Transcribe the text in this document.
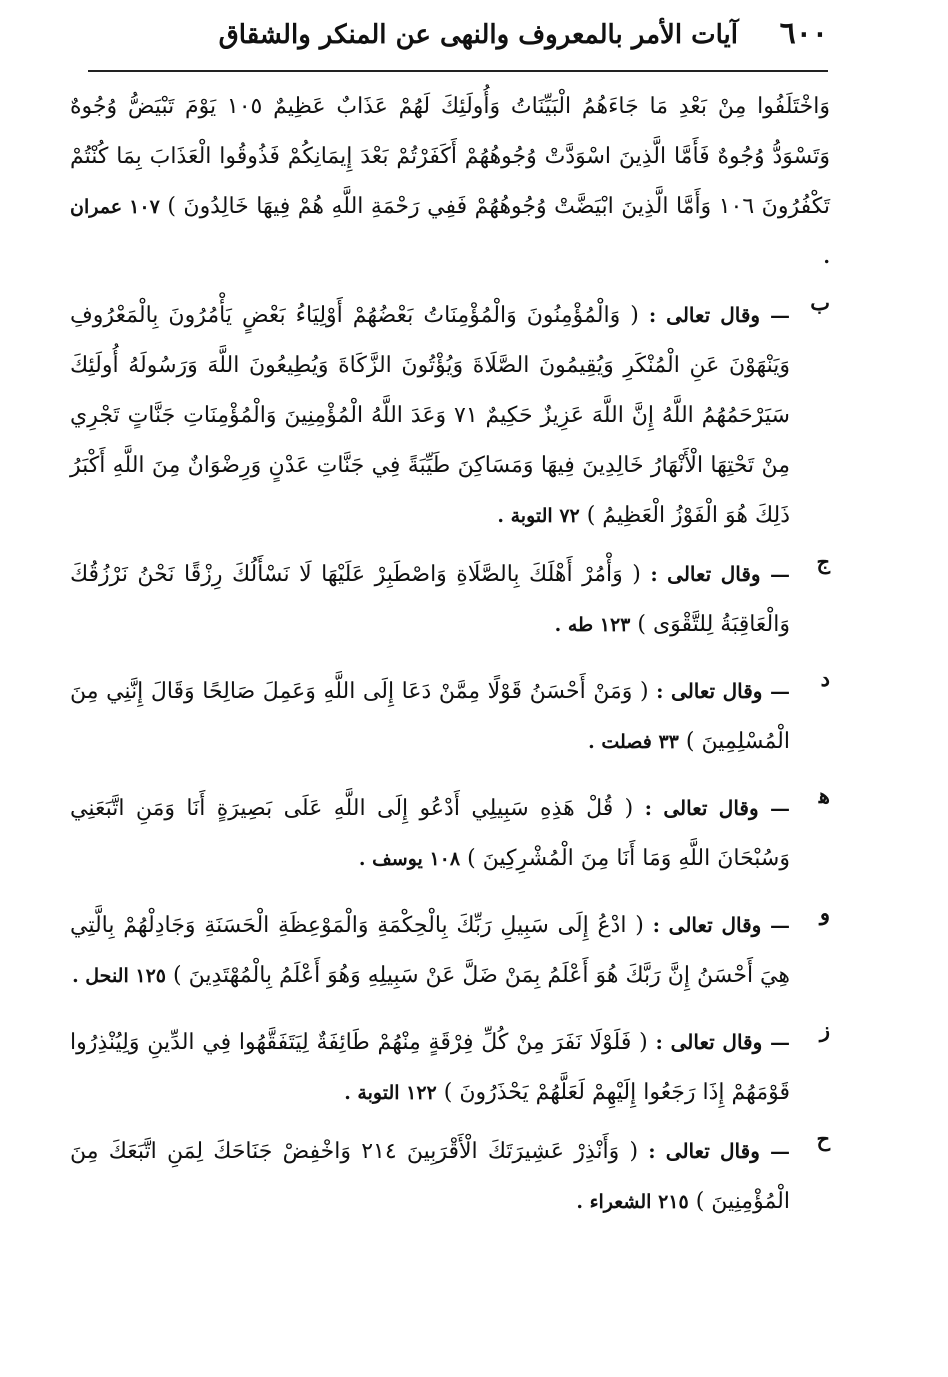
٦٠٠
آيات الأمر بالمعروف والنهى عن المنكر والشقاق
وَاخْتَلَفُوا مِنْ بَعْدِ مَا جَاءَهُمُ الْبَيِّنَاتُ وَأُولَئِكَ لَهُمْ عَذَابٌ عَظِيمٌ ١٠٥ يَوْمَ تَبْيَضُّ وُجُوهٌ وَتَسْوَدُّ وُجُوهٌ فَأَمَّا الَّذِينَ اسْوَدَّتْ وُجُوهُهُمْ أَكَفَرْتُمْ بَعْدَ إِيمَانِكُمْ فَذُوقُوا الْعَذَابَ بِمَا كُنْتُمْ تَكْفُرُونَ ١٠٦ وَأَمَّا الَّذِينَ ابْيَضَّتْ وُجُوهُهُمْ فَفِي رَحْمَةِ اللَّهِ هُمْ فِيهَا خَالِدُونَ ) ١٠٧ عمران .
ب
— وقال تعالى : ( وَالْمُؤْمِنُونَ وَالْمُؤْمِنَاتُ بَعْضُهُمْ أَوْلِيَاءُ بَعْضٍ يَأْمُرُونَ بِالْمَعْرُوفِ وَيَنْهَوْنَ عَنِ الْمُنْكَرِ وَيُقِيمُونَ الصَّلَاةَ وَيُؤْتُونَ الزَّكَاةَ وَيُطِيعُونَ اللَّهَ وَرَسُولَهُ أُولَئِكَ سَيَرْحَمُهُمُ اللَّهُ إِنَّ اللَّهَ عَزِيزٌ حَكِيمٌ ٧١ وَعَدَ اللَّهُ الْمُؤْمِنِينَ وَالْمُؤْمِنَاتِ جَنَّاتٍ تَجْرِي مِنْ تَحْتِهَا الْأَنْهَارُ خَالِدِينَ فِيهَا وَمَسَاكِنَ طَيِّبَةً فِي جَنَّاتِ عَدْنٍ وَرِضْوَانٌ مِنَ اللَّهِ أَكْبَرُ ذَلِكَ هُوَ الْفَوْزُ الْعَظِيمُ ) ٧٢ التوبة .
ج
— وقال تعالى : ( وَأْمُرْ أَهْلَكَ بِالصَّلَاةِ وَاصْطَبِرْ عَلَيْهَا لَا نَسْأَلُكَ رِزْقًا نَحْنُ نَرْزُقُكَ وَالْعَاقِبَةُ لِلتَّقْوَى ) ١٢٣ طه .
د
— وقال تعالى : ( وَمَنْ أَحْسَنُ قَوْلًا مِمَّنْ دَعَا إِلَى اللَّهِ وَعَمِلَ صَالِحًا وَقَالَ إِنَّنِي مِنَ الْمُسْلِمِينَ ) ٣٣ فصلت .
ﻫ
— وقال تعالى : ( قُلْ هَذِهِ سَبِيلِي أَدْعُو إِلَى اللَّهِ عَلَى بَصِيرَةٍ أَنَا وَمَنِ اتَّبَعَنِي وَسُبْحَانَ اللَّهِ وَمَا أَنَا مِنَ الْمُشْرِكِينَ ) ١٠٨ يوسف .
و
— وقال تعالى : ( ادْعُ إِلَى سَبِيلِ رَبِّكَ بِالْحِكْمَةِ وَالْمَوْعِظَةِ الْحَسَنَةِ وَجَادِلْهُمْ بِالَّتِي هِيَ أَحْسَنُ إِنَّ رَبَّكَ هُوَ أَعْلَمُ بِمَنْ ضَلَّ عَنْ سَبِيلِهِ وَهُوَ أَعْلَمُ بِالْمُهْتَدِينَ ) ١٢٥ النحل .
ز
— وقال تعالى : ( فَلَوْلَا نَفَرَ مِنْ كُلِّ فِرْقَةٍ مِنْهُمْ طَائِفَةٌ لِيَتَفَقَّهُوا فِي الدِّينِ وَلِيُنْذِرُوا قَوْمَهُمْ إِذَا رَجَعُوا إِلَيْهِمْ لَعَلَّهُمْ يَحْذَرُونَ ) ١٢٢ التوبة .
ح
— وقال تعالى : ( وَأَنْذِرْ عَشِيرَتَكَ الْأَقْرَبِينَ ٢١٤ وَاخْفِضْ جَنَاحَكَ لِمَنِ اتَّبَعَكَ مِنَ الْمُؤْمِنِينَ ) ٢١٥ الشعراء .
